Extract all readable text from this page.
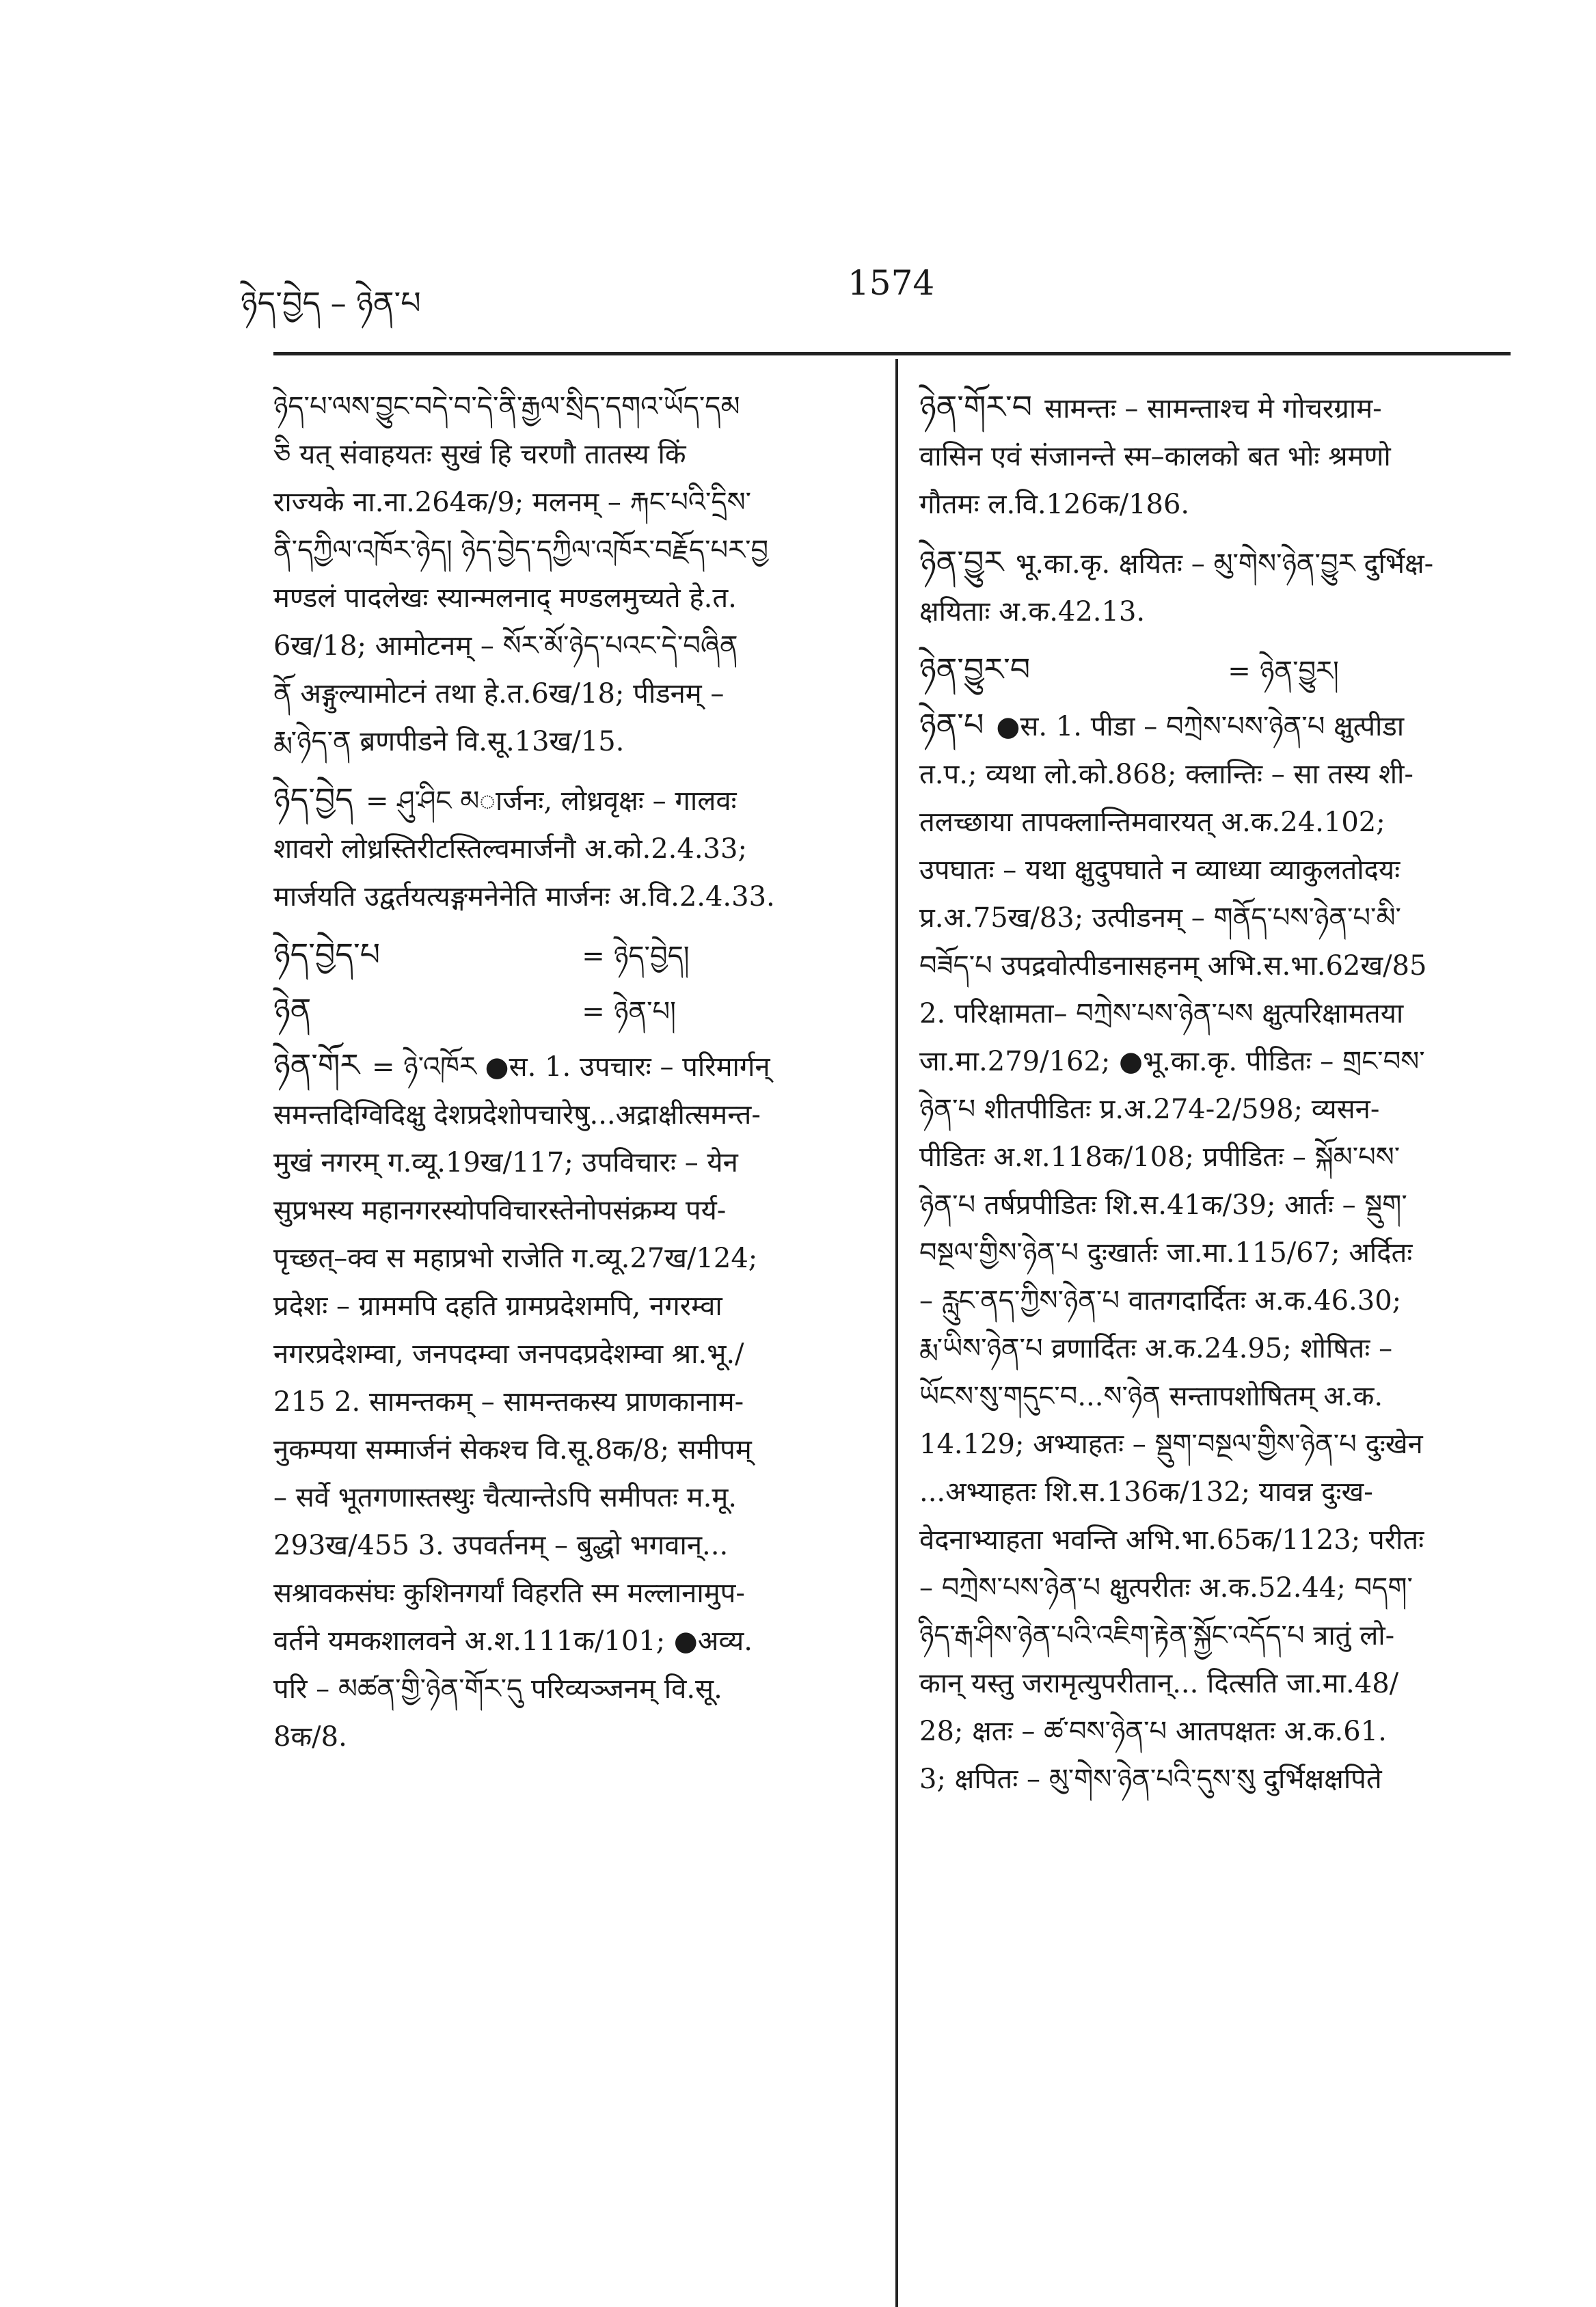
ཉེད་བྱེད – ཉེན་པ	1574

ཉེད་པ་ལས་བྱུང་བདེ་བ་དེ་ནི་རྒྱལ་སྲིད་དགའ་ཡོད་དམ

ཅི यत् संवाहयतः सुखं हि चरणौ तातस्य किं

राज्यके ना.ना.264क/9; मलनम् – རྐང་པའི་དྲིས་

ནི་དཀྱིལ་འཁོར་ཉེད། ཉེད་བྱེད་དཀྱིལ་འཁོར་བརྗོད་པར་བྱ

मण्डलं पादलेखः स्यान्मलनाद् मण्डलमुच्यते हे.त.

6ख/18; आमोटनम् – སོར་མོ་ཉེད་པའང་དེ་བཞིན

ནོ अङ्गुल्यामोटनं तथा हे.त.6ख/18; पीडनम् –

རྨ་ཉེད་ན ब्रणपीडने वि.सू.13ख/15.

ཉེད་བྱེད = ཤུ་ཤིང མार्जनः, लोध्रवृक्षः – गालवः

शावरो लोध्रस्तिरीटस्तिल्वमार्जनौ अ.को.2.4.33;

मार्जयति उद्वर्तयत्यङ्गमनेनेति मार्जनः अ.वि.2.4.33.

ཉེད་བྱེད་པ	= ཉེད་བྱེད།
ཉེན	= ཉེན་པ།

ཉེན་གོར = ཉེ་འཁོར ●स. 1. उपचारः – परिमार्गन्

समन्तदिग्विदिक्षु देशप्रदेशोपचारेषु...अद्राक्षीत्समन्त-

मुखं नगरम् ग.व्यू.19ख/117; उपविचारः – येन

सुप्रभस्य महानगरस्योपविचारस्तेनोपसंक्रम्य पर्य-

पृच्छत्–क्व स महाप्रभो राजेति ग.व्यू.27ख/124;

प्रदेशः – ग्राममपि दहति ग्रामप्रदेशमपि, नगरम्वा

नगरप्रदेशम्वा, जनपदम्वा जनपदप्रदेशम्वा श्रा.भू./

215 2. सामन्तकम् – सामन्तकस्य प्राणकानाम-

नुकम्पया सम्मार्जनं सेकश्च वि.सू.8क/8; समीपम्

– सर्वे भूतगणास्तस्थुः चैत्यान्तेऽपि समीपतः म.मू.

293ख/455 3. उपवर्तनम् – बुद्धो भगवान्...

सश्रावकसंघः कुशिनगर्यां विहरति स्म मल्लानामुप-

वर्तने यमकशालवने अ.श.111क/101; ●अव्य.

परि – མཚན་གྱི་ཉེན་གོར་དུ परिव्यञ्जनम् वि.सू.

8क/8.

ཉེན་གོར་བ सामन्तः – सामन्ताश्च मे गोचरग्राम-

वासिन एवं संजानन्ते स्म–कालको बत भोः श्रमणो

गौतमः ल.वि.126क/186.

ཉེན་བྱུར भू.का.कृ. क्षयितः – མུ་གེས་ཉེན་བྱུར दुर्भिक्ष-

क्षयिताः अ.क.42.13.

ཉེན་བྱུར་བ	= ཉེན་བྱུར།

ཉེན་པ ●स. 1. पीडा – བཀྲེས་པས་ཉེན་པ क्षुत्पीडा

त.प.; व्यथा लो.को.868; क्लान्तिः – सा तस्य शी-

तलच्छाया तापक्लान्तिमवारयत् अ.क.24.102;

उपघातः – यथा क्षुदुपघाते न व्याध्या व्याकुलतोदयः

प्र.अ.75ख/83; उत्पीडनम् – གནོད་པས་ཉེན་པ་མི་

བཟོད་པ उपद्रवोत्पीडनासहनम् अभि.स.भा.62ख/85

2. परिक्षामता– བཀྲེས་པས་ཉེན་པས क्षुत्परिक्षामतया

जा.मा.279/162; ●भू.का.कृ. पीडितः – གྲང་བས་

ཉེན་པ शीतपीडितः प्र.अ.274-2/598; व्यसन-

पीडितः अ.श.118क/108; प्रपीडितः – སྐོམ་པས་

ཉེན་པ तर्षप्रपीडितः शि.स.41क/39; आर्तः – སྡུག་

བསྔལ་གྱིས་ཉེན་པ दुःखार्तः जा.मा.115/67; अर्दितः

– རླུང་ནད་ཀྱིས་ཉེན་པ वातगदार्दितः अ.क.46.30;

རྨ་ཡིས་ཉེན་པ व्रणार्दितः अ.क.24.95; शोषितः –

ཡོངས་སུ་གདུང་བ...ས་ཉེན सन्तापशोषितम् अ.क.

14.129; अभ्याहतः – སྡུག་བསྔལ་གྱིས་ཉེན་པ दुःखेन

...अभ्याहतः शि.स.136क/132; यावन्न दुःख-

वेदनाभ्याहता भवन्ति अभि.भा.65क/1123; परीतः

– བཀྲེས་པས་ཉེན་པ क्षुत्परीतः अ.क.52.44; བདག་

ཉིད་རྒ་ཤིས་ཉེན་པའི་འཇིག་རྟེན་སྐྱོང་འདོད་པ त्रातुं लो-

कान् यस्तु जरामृत्युपरीतान्... दित्सति जा.मा.48/

28; क्षतः – ཚ་བས་ཉེན་པ आतपक्षतः अ.क.61.

3; क्षपितः – མུ་གེས་ཉེན་པའི་དུས་སུ दुर्भिक्षक्षपिते
